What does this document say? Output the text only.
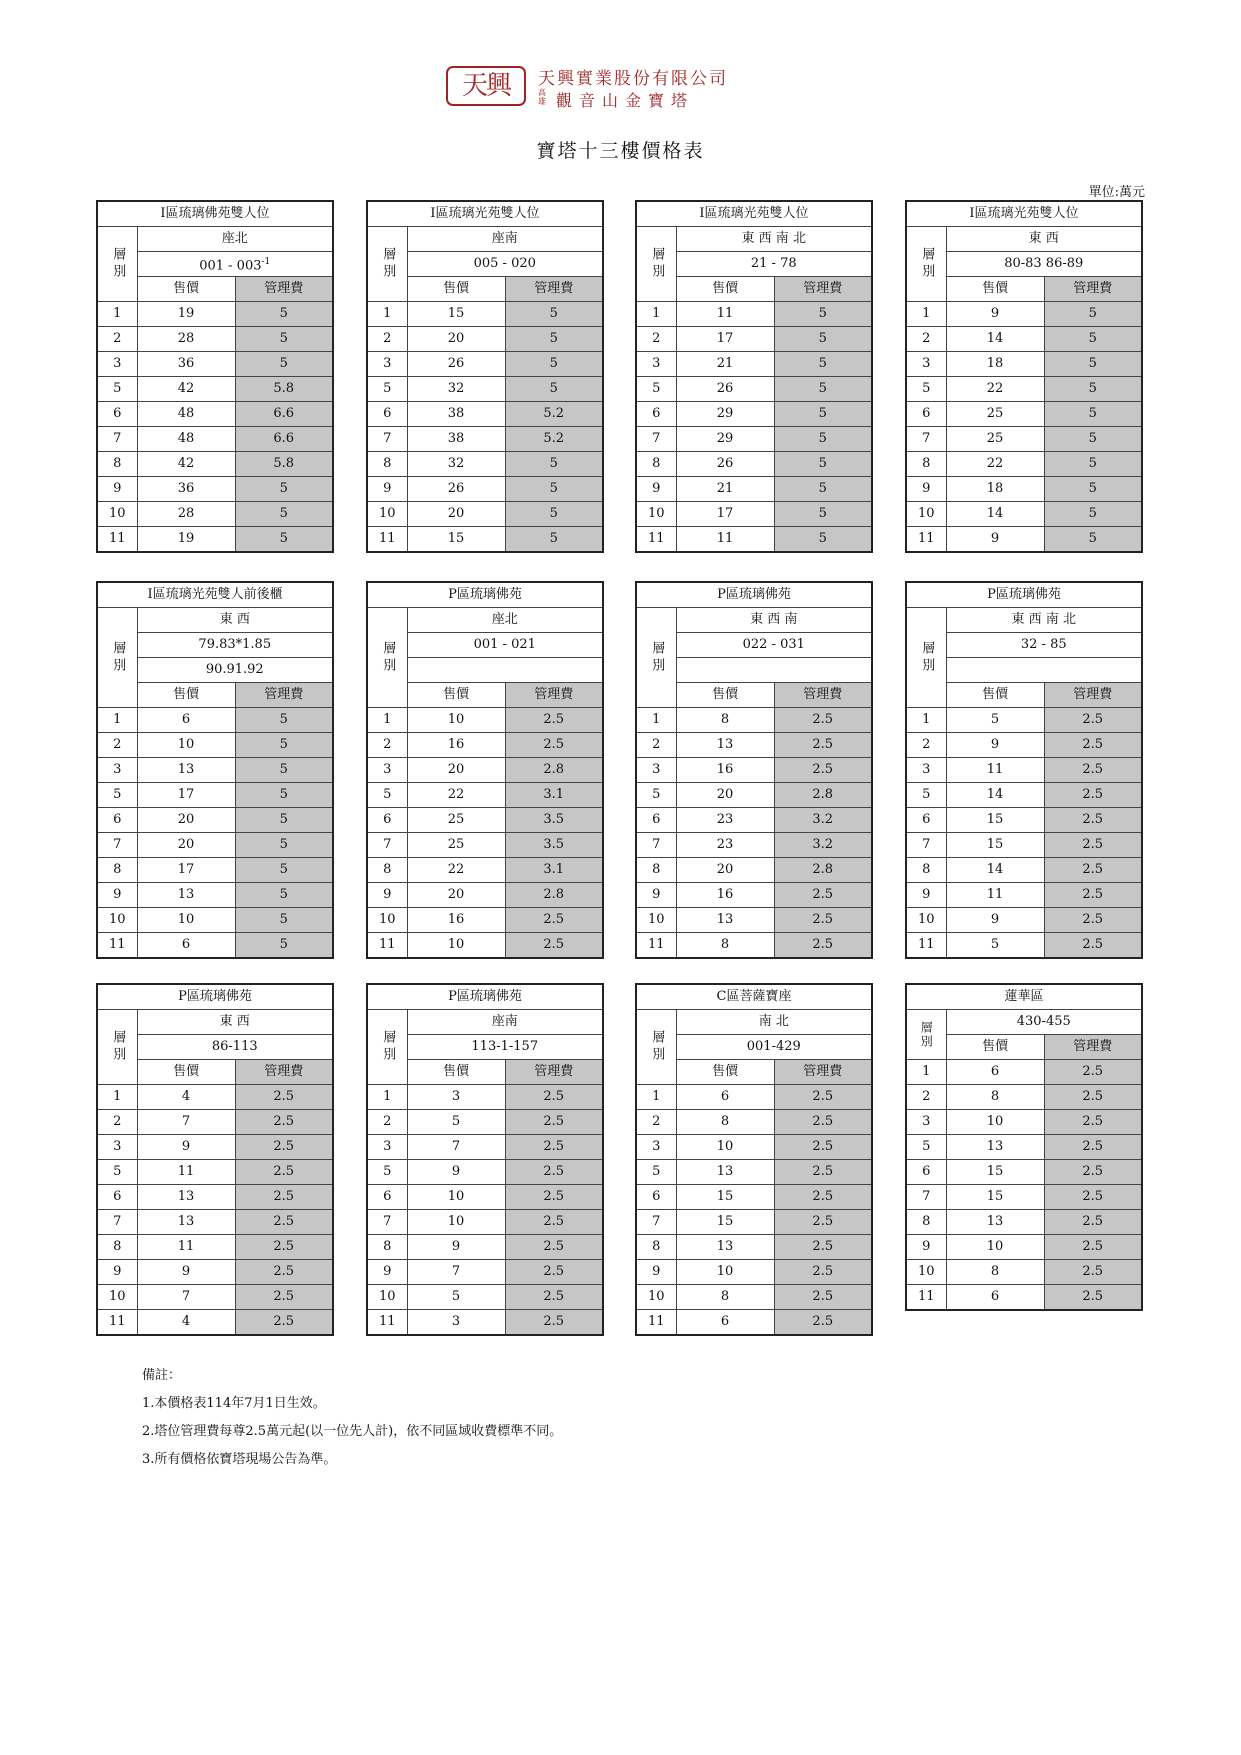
天興	天興實業股份有限公司
高雄 觀音山金寶塔
寶塔十三樓價格表
單位:萬元
I區琉璃佛苑雙人位		
層別	座北	
	$001 - 003^{-1}$
	售價	管理費
1	19	5
2	28	5
3	36	5
5	42	5.8
6	48	6.6
7	48	6.6
8	42	5.8
9	36	5
10	28	5
11	19	5
I區琉璃光苑雙人位		
層別	座南	
	005 - 020	
	售價	管理費
1	15	5
2	20	5
3	26	5
5	32	5
6	38	5.2
7	38	5.2
8	32	5
9	26	5
10	20	5
11	15	5
I區琉璃光苑雙人位		
層別	東 西 南 北	
	21 - 78	
	售價	管理費
1	11	5
2	17	5
3	21	5
5	26	5
6	29	5
7	29	5
8	26	5
9	21	5
10	17	5
11	11	5
I區琉璃光苑雙人位		
層別	東 西	
	80-83 86-89	
	售價	管理費
1	9	5
2	14	5
3	18	5
5	22	5
6	25	5
7	25	5
8	22	5
9	18	5
10	14	5
11	9	5
I區琉璃光苑雙人前後櫃		
層別	東 西	
	79.83*1.85	
	90.91.92	
	售價	管理費
1	6	5
2	10	5
3	13	5
5	17	5
6	20	5
7	20	5
8	17	5
9	13	5
10	10	5
11	6	5
P區琉璃佛苑		
層別	座北	
	001 - 021	

	售價	管理費
1	10	2.5
2	16	2.5
3	20	2.8
5	22	3.1
6	25	3.5
7	25	3.5
8	22	3.1
9	20	2.8
10	16	2.5
11	10	2.5
P區琉璃佛苑		
層別	東 西 南	
	022 - 031	

	售價	管理費
1	8	2.5
2	13	2.5
3	16	2.5
5	20	2.8
6	23	3.2
7	23	3.2
8	20	2.8
9	16	2.5
10	13	2.5
11	8	2.5
P區琉璃佛苑		
層別	東 西 南 北	
	32 - 85	

	售價	管理費
1	5	2.5
2	9	2.5
3	11	2.5
5	14	2.5
6	15	2.5
7	15	2.5
8	14	2.5
9	11	2.5
10	9	2.5
11	5	2.5
P區琉璃佛苑		
層別	東 西	
	86-113	
	售價	管理費
1	4	2.5
2	7	2.5
3	9	2.5
5	11	2.5
6	13	2.5
7	13	2.5
8	11	2.5
9	9	2.5
10	7	2.5
11	4	2.5
P區琉璃佛苑		
層別	座南	
	113-1-157	
	售價	管理費
1	3	2.5
2	5	2.5
3	7	2.5
5	9	2.5
6	10	2.5
7	10	2.5
8	9	2.5
9	7	2.5
10	5	2.5
11	3	2.5
C區菩薩寶座		
層別	南 北	
	001-429	
	售價	管理費
1	6	2.5
2	8	2.5
3	10	2.5
5	13	2.5
6	15	2.5
7	15	2.5
8	13	2.5
9	10	2.5
10	8	2.5
11	6	2.5
蓮華區		
層別	430-455	
	售價	管理費
1	6	2.5
2	8	2.5
3	10	2.5
5	13	2.5
6	15	2.5
7	15	2.5
8	13	2.5
9	10	2.5
10	8	2.5
11	6	2.5
備註：
1.本價格表114年7月1日生效。
2.塔位管理費每尊2.5萬元起(以一位先人計)，依不同區域收費標準不同。
3.所有價格依寶塔現場公告為準。
